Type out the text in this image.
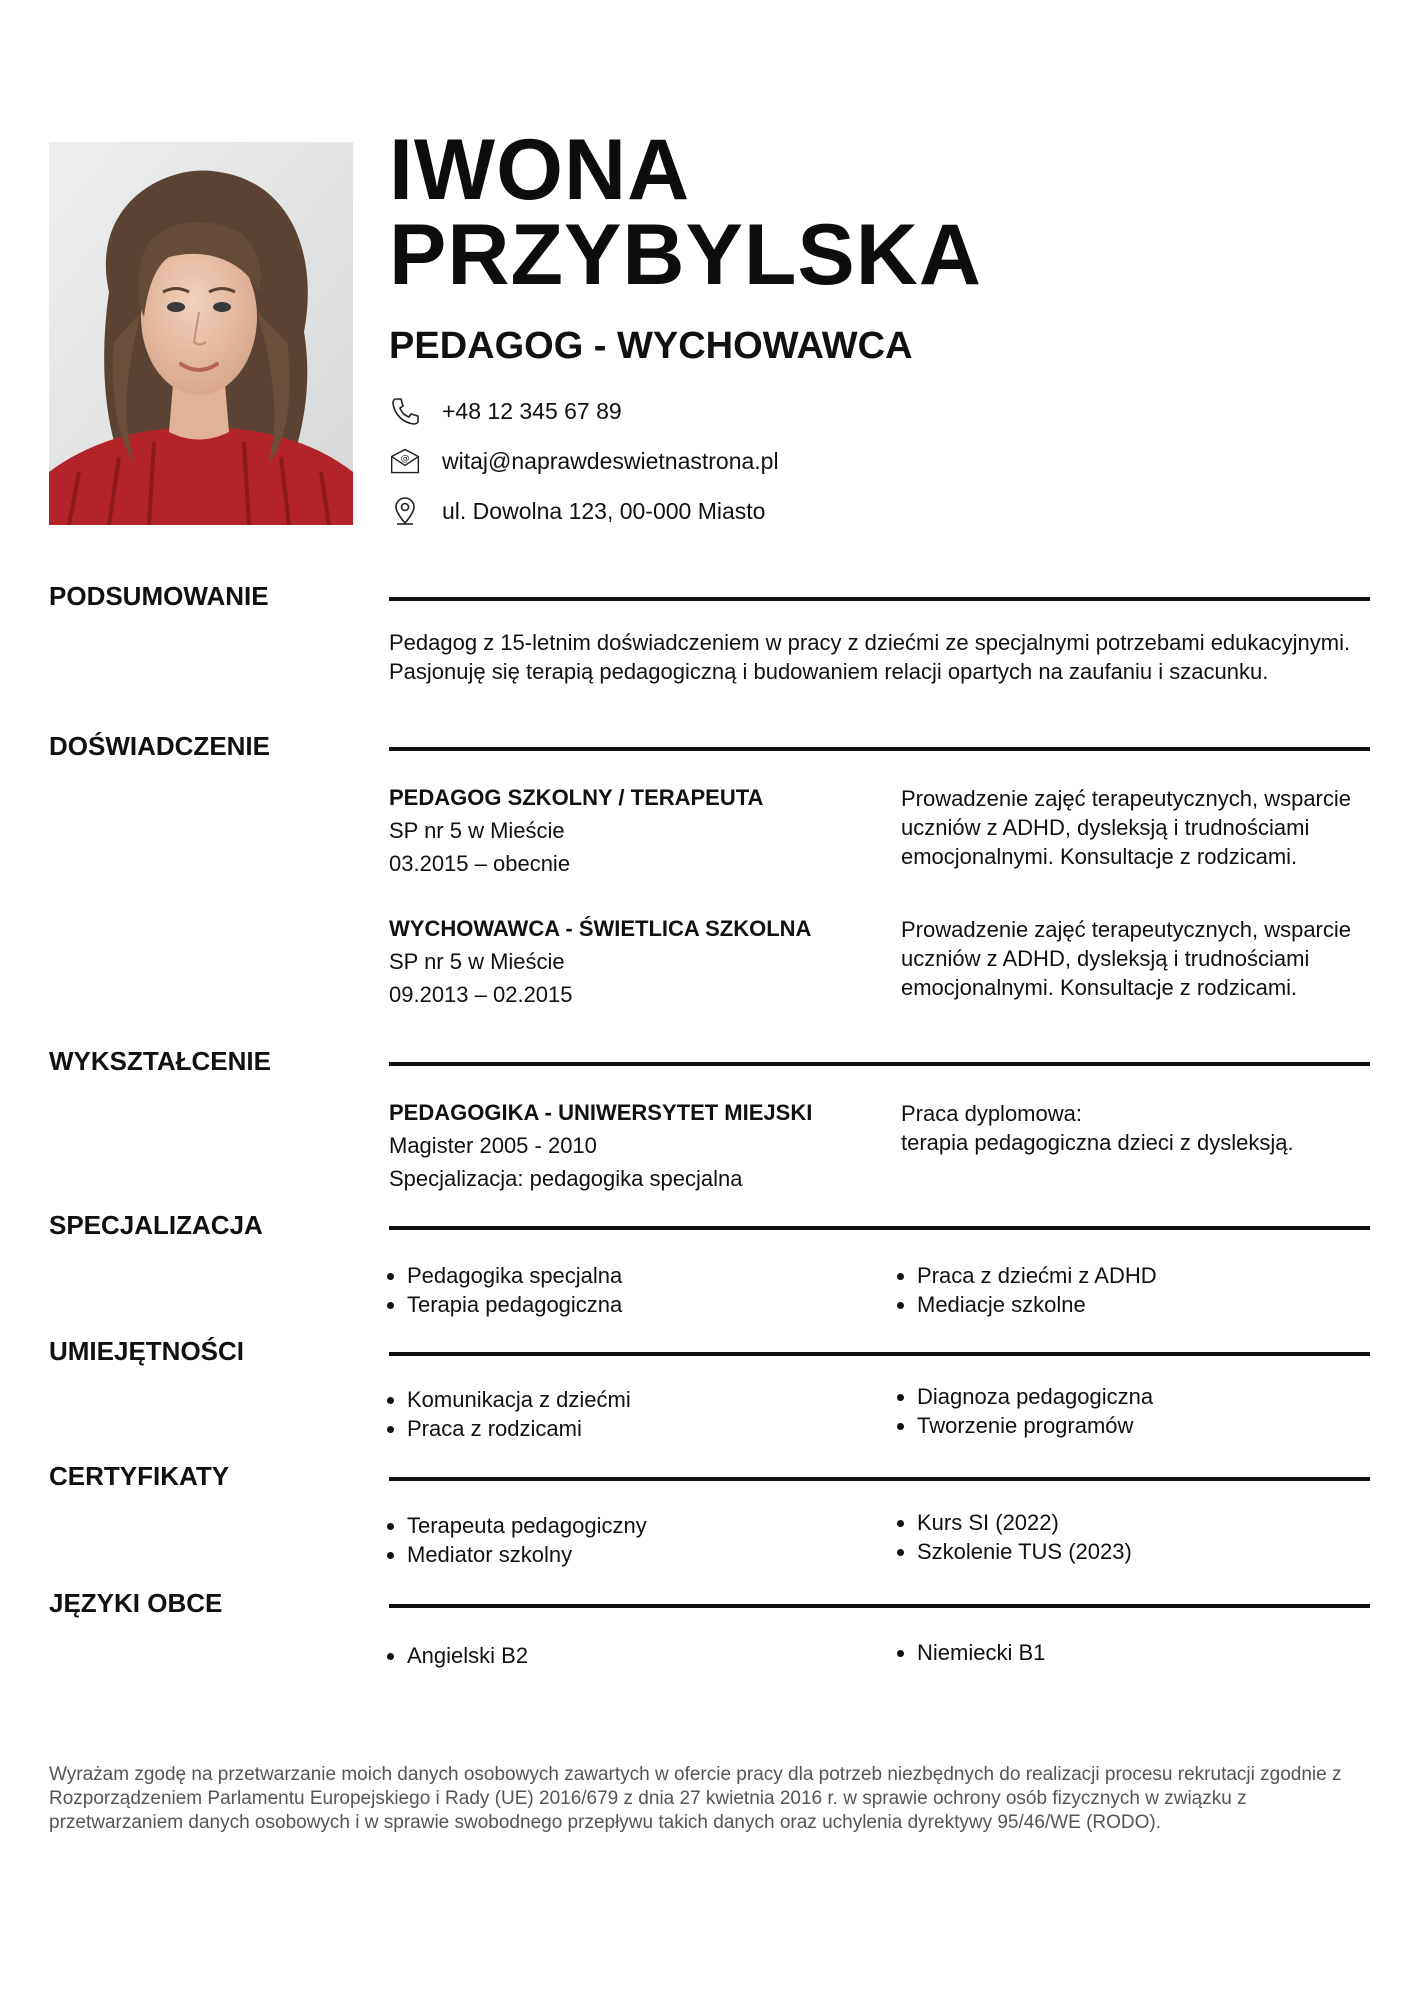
IWONA
PRZYBYLSKA
PEDAGOG - WYCHOWAWCA
+48 12 345 67 89
@ witaj@naprawdeswietnastrona.pl
ul. Dowolna 123, 00-000 Miasto
PODSUMOWANIE

Pedagog z 15-letnim doświadczeniem w pracy z dziećmi ze specjalnymi potrzebami edukacyjnymi. Pasjonuję się terapią pedagogiczną i budowaniem relacji opartych na zaufaniu i szacunku.

DOŚWIADCZENIE

PEDAGOG SZKOLNY / TERAPEUTA

SP nr 5 w Mieście

03.2015 – obecnie

Prowadzenie zajęć terapeutycznych, wsparcie uczniów z ADHD, dysleksją i trudnościami emocjonalnymi. Konsultacje z rodzicami.

WYCHOWAWCA - ŚWIETLICA SZKOLNA

SP nr 5 w Mieście

09.2013 – 02.2015

Prowadzenie zajęć terapeutycznych, wsparcie uczniów z ADHD, dysleksją i trudnościami emocjonalnymi. Konsultacje z rodzicami.

WYKSZTAŁCENIE

PEDAGOGIKA - UNIWERSYTET MIEJSKI

Magister 2005 - 2010

Specjalizacja: pedagogika specjalna

Praca dyplomowa:

terapia pedagogiczna dzieci z dysleksją.

SPECJALIZACJA
• Pedagogika specjalna
• Terapia pedagogiczna
• Praca z dziećmi z ADHD
• Mediacje szkolne
UMIEJĘTNOŚCI
• Komunikacja z dziećmi
• Praca z rodzicami
• Diagnoza pedagogiczna
• Tworzenie programów
CERTYFIKATY
• Terapeuta pedagogiczny
• Mediator szkolny
• Kurs SI (2022)
• Szkolenie TUS (2023)
JĘZYKI OBCE
• Angielski B2
•	Niemiecki B1

Wyrażam zgodę na przetwarzanie moich danych osobowych zawartych w ofercie pracy dla potrzeb niezbędnych do realizacji procesu rekrutacji zgodnie z Rozporządzeniem Parlamentu Europejskiego i Rady (UE) 2016/679 z dnia 27 kwietnia 2016 r. w sprawie ochrony osób fizycznych w związku z przetwarzaniem danych osobowych i w sprawie swobodnego przepływu takich danych oraz uchylenia dyrektywy 95/46/WE (RODO).
